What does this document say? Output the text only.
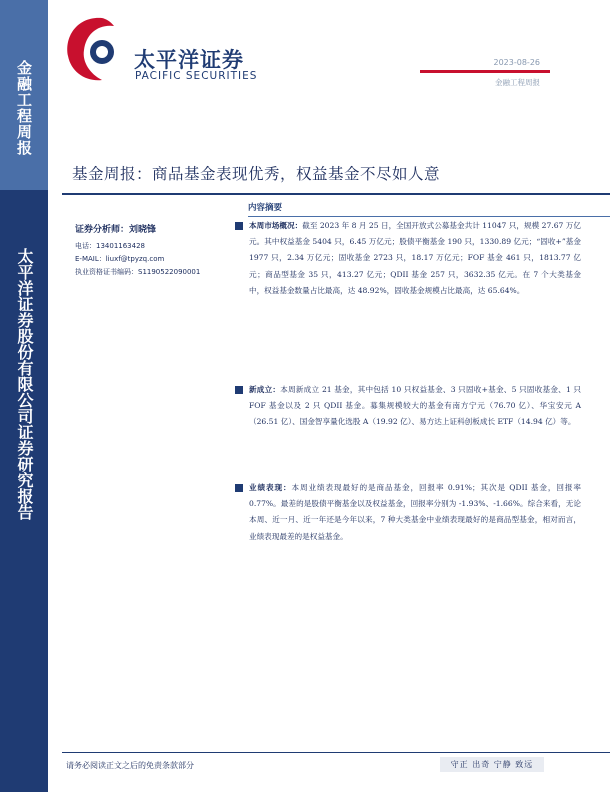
金融工程周报
太平洋证券股份有限公司证券研究报告
太平洋证券
PACIFIC SECURITIES
2023-08-26
金融工程周报
基金周报：商品基金表现优秀，权益基金不尽如人意
证券分析师：刘晓锋
电话：13401163428
E-MAIL：liuxf@tpyzq.com
执业资格证书编码：S1190522090001
内容摘要
本周市场概况：截至 2023 年 8 月 25 日，全国开放式公募基金共计 11047 只，规模 27.67 万亿元。其中权益基金 5404 只，6.45 万亿元；股债平衡基金 190 只，1330.89 亿元；“固收+”基金 1977 只，2.34 万亿元；固收基金 2723 只，18.17 万亿元；FOF 基金 461 只，1813.77 亿元；商品型基金 35 只，413.27 亿元；QDII 基金 257 只，3632.35 亿元。在 7 个大类基金中，权益基金数量占比最高，达 48.92%，固收基金规模占比最高，达 65.64%。
新成立：本周新成立 21 基金，其中包括 10 只权益基金、3 只固收+基金、5 只固收基金、1 只 FOF 基金以及 2 只 QDII 基金。募集规模较大的基金有南方宁元（76.70 亿）、华宝安元 A（26.51 亿）、国金智享量化选股 A（19.92 亿）、易方达上证科创板成长 ETF（14.94 亿）等。
业绩表现：本周业绩表现最好的是商品基金，回报率 0.91%；其次是 QDII 基金，回报率 0.77%。最差的是股债平衡基金以及权益基金，回报率分别为 -1.93%、-1.66%。综合来看，无论本周、近一月、近一年还是今年以来，7 种大类基金中业绩表现最好的是商品型基金，相对而言，业绩表现最差的是权益基金。
请务必阅读正文之后的免责条款部分	守正 出奇 宁静 致远
